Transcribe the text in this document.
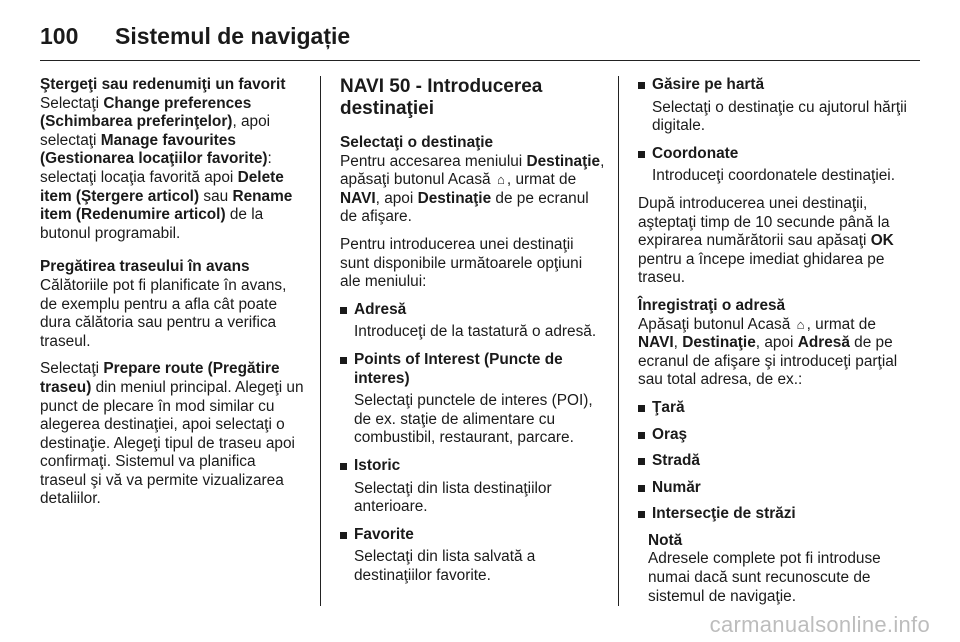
100	Sistemul de navigație

Ştergeţi sau redenumiţi un favorit

Selectaţi Change preferences (Schimbarea preferinţelor), apoi selectaţi Manage favourites (Gestionarea locaţiilor favorite): selectaţi locaţia favorită apoi Delete item (Ştergere articol) sau Rename item (Redenumire articol) de la butonul programabil.

Pregătirea traseului în avans

Călătoriile pot fi planificate în avans, de exemplu pentru a afla cât poate dura călătoria sau pentru a verifica traseul.

Selectaţi Prepare route (Pregătire traseu) din meniul principal. Alegeţi un punct de plecare în mod similar cu alegerea destinaţiei, apoi selectaţi o destinaţie. Alegeţi tipul de traseu apoi confirmaţi. Sistemul va planifica traseul şi vă va permite vizualizarea detaliilor.

NAVI 50 - Introducerea destinaţiei

Selectaţi o destinaţie

Pentru accesarea meniului Destinaţie, apăsaţi butonul Acasă ⌂ , urmat de NAVI, apoi Destinaţie de pe ecranul de afişare.

Pentru introducerea unei destinaţii sunt disponibile următoarele opţiuni ale meniului:

Adresă
Introduceţi de la tastatură o adresă.
Points of Interest (Puncte de interes)
Selectaţi punctele de interes (POI), de ex. staţie de alimentare cu combustibil, restaurant, parcare.
Istoric
Selectaţi din lista destinaţiilor anterioare.
Favorite
Selectaţi din lista salvată a destinaţiilor favorite.
Găsire pe hartă
Selectaţi o destinaţie cu ajutorul hărţii digitale.
Coordonate
Introduceţi coordonatele destinaţiei.

După introducerea unei destinaţii, aşteptaţi timp de 10 secunde până la expirarea numărătorii sau apăsaţi OK pentru a începe imediat ghidarea pe traseu.

Înregistraţi o adresă

Apăsaţi butonul Acasă ⌂ , urmat de NAVI, Destinaţie, apoi Adresă de pe ecranul de afişare şi introduceţi parţial sau total adresa, de ex.:

Ţară
Oraş
Stradă
Număr
Intersecţie de străzi
Notă
Adresele complete pot fi introduse numai dacă sunt recunoscute de sistemul de navigaţie.
carmanualsonline.info
